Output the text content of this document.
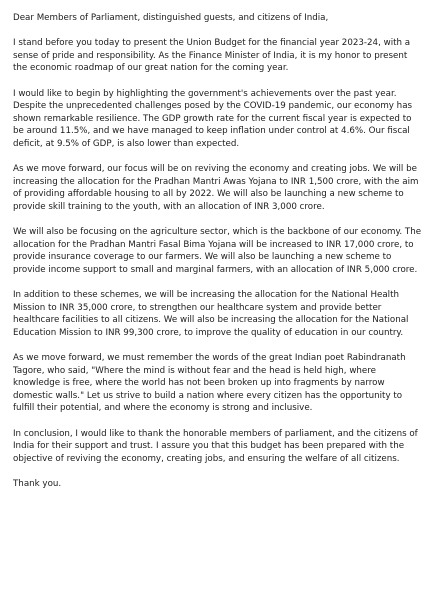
Dear Members of Parliament, distinguished guests, and citizens of India,

I stand before you today to present the Union Budget for the financial year 2023-24, with a sense of pride and responsibility. As the Finance Minister of India, it is my honor to present the economic roadmap of our great nation for the coming year.

I would like to begin by highlighting the government's achievements over the past year. Despite the unprecedented challenges posed by the COVID-19 pandemic, our economy has shown remarkable resilience. The GDP growth rate for the current fiscal year is expected to be around 11.5%, and we have managed to keep inflation under control at 4.6%. Our fiscal deficit, at 9.5% of GDP, is also lower than expected.

As we move forward, our focus will be on reviving the economy and creating jobs. We will be increasing the allocation for the Pradhan Mantri Awas Yojana to INR 1,500 crore, with the aim of providing affordable housing to all by 2022. We will also be launching a new scheme to provide skill training to the youth, with an allocation of INR 3,000 crore.

We will also be focusing on the agriculture sector, which is the backbone of our economy. The allocation for the Pradhan Mantri Fasal Bima Yojana will be increased to INR 17,000 crore, to provide insurance coverage to our farmers. We will also be launching a new scheme to provide income support to small and marginal farmers, with an allocation of INR 5,000 crore.

In addition to these schemes, we will be increasing the allocation for the National Health Mission to INR 35,000 crore, to strengthen our healthcare system and provide better healthcare facilities to all citizens. We will also be increasing the allocation for the National Education Mission to INR 99,300 crore, to improve the quality of education in our country.

As we move forward, we must remember the words of the great Indian poet Rabindranath Tagore, who said, "Where the mind is without fear and the head is held high, where knowledge is free, where the world has not been broken up into fragments by narrow domestic walls." Let us strive to build a nation where every citizen has the opportunity to fulfill their potential, and where the economy is strong and inclusive.

In conclusion, I would like to thank the honorable members of parliament, and the citizens of India for their support and trust. I assure you that this budget has been prepared with the objective of reviving the economy, creating jobs, and ensuring the welfare of all citizens.

Thank you.
